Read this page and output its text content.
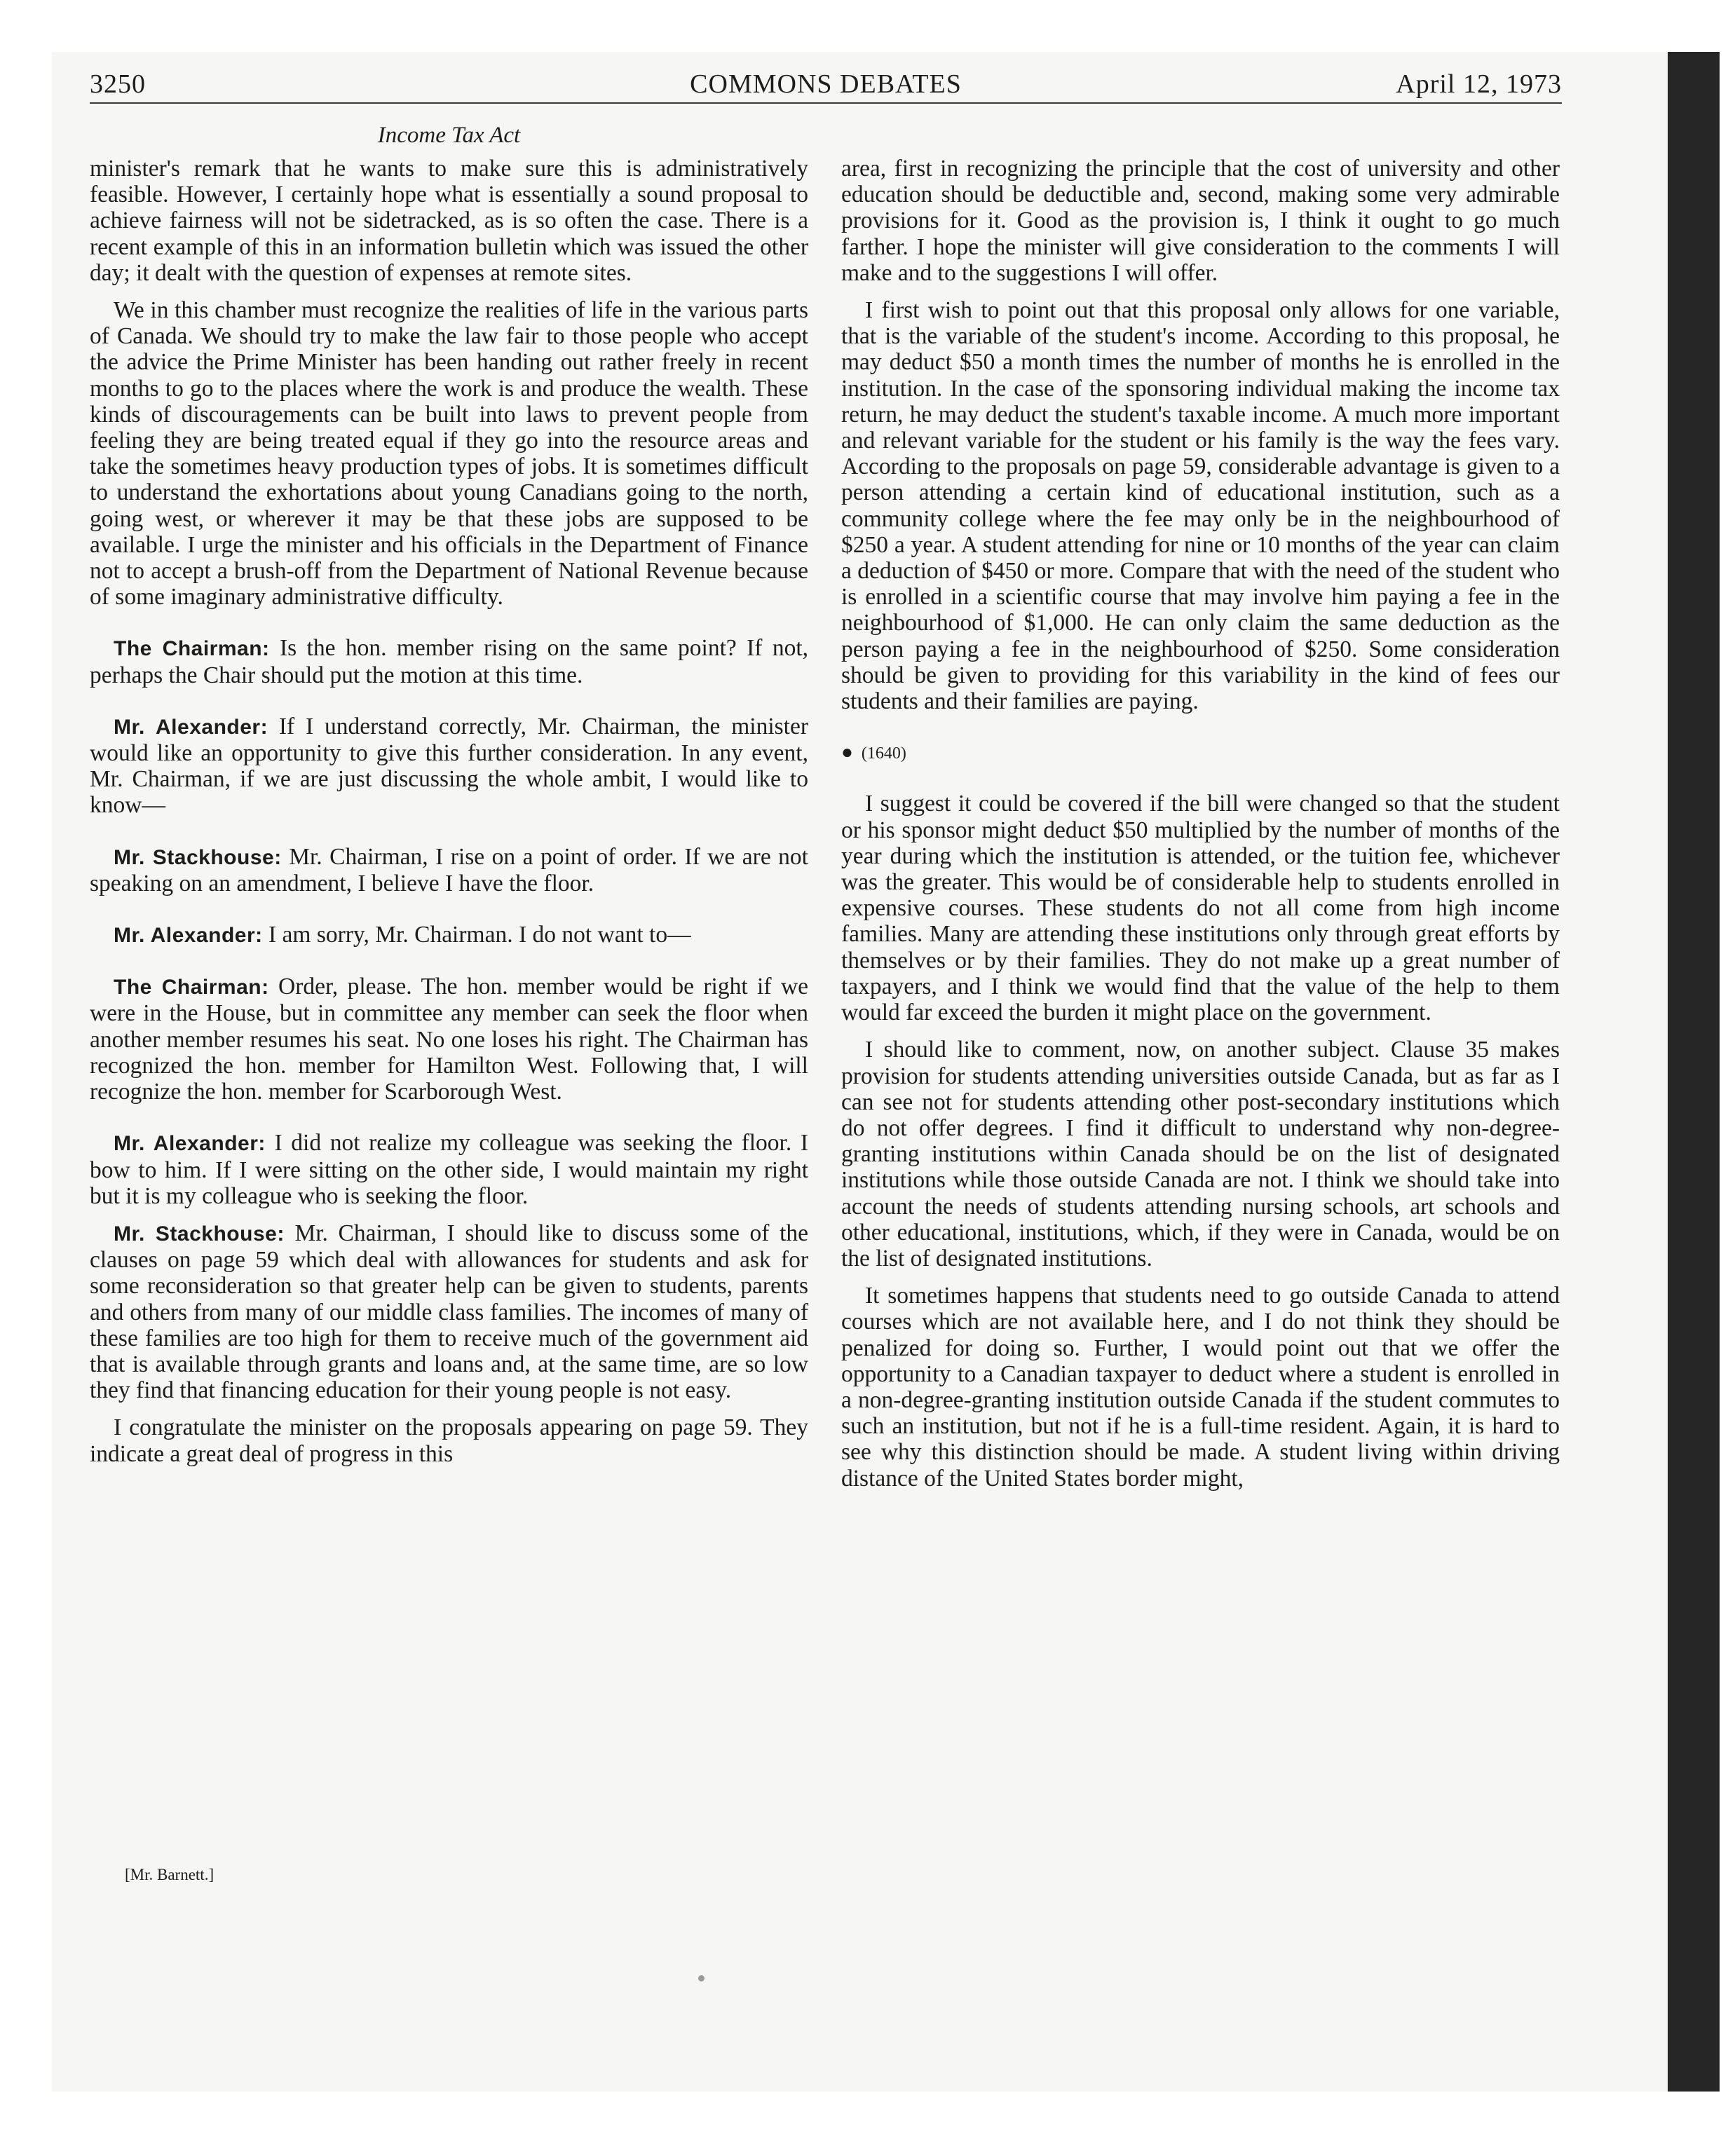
3250	COMMONS DEBATES	April 12, 1973
Income Tax Act

minister's remark that he wants to make sure this is administratively feasible. However, I certainly hope what is essentially a sound proposal to achieve fairness will not be sidetracked, as is so often the case. There is a recent example of this in an information bulletin which was issued the other day; it dealt with the question of expenses at remote sites.

We in this chamber must recognize the realities of life in the various parts of Canada. We should try to make the law fair to those people who accept the advice the Prime Minister has been handing out rather freely in recent months to go to the places where the work is and produce the wealth. These kinds of discouragements can be built into laws to prevent people from feeling they are being treated equal if they go into the resource areas and take the sometimes heavy production types of jobs. It is sometimes difficult to understand the exhortations about young Canadians going to the north, going west, or wherever it may be that these jobs are supposed to be available. I urge the minister and his officials in the Department of Finance not to accept a brush-off from the Department of National Revenue because of some imaginary administrative difficulty.

The Chairman: Is the hon. member rising on the same point? If not, perhaps the Chair should put the motion at this time.

Mr. Alexander: If I understand correctly, Mr. Chairman, the minister would like an opportunity to give this further consideration. In any event, Mr. Chairman, if we are just discussing the whole ambit, I would like to know—

Mr. Stackhouse: Mr. Chairman, I rise on a point of order. If we are not speaking on an amendment, I believe I have the floor.

Mr. Alexander: I am sorry, Mr. Chairman. I do not want to—

The Chairman: Order, please. The hon. member would be right if we were in the House, but in committee any member can seek the floor when another member resumes his seat. No one loses his right. The Chairman has recognized the hon. member for Hamilton West. Following that, I will recognize the hon. member for Scarborough West.

Mr. Alexander: I did not realize my colleague was seeking the floor. I bow to him. If I were sitting on the other side, I would maintain my right but it is my colleague who is seeking the floor.

Mr. Stackhouse: Mr. Chairman, I should like to discuss some of the clauses on page 59 which deal with allowances for students and ask for some reconsideration so that greater help can be given to students, parents and others from many of our middle class families. The incomes of many of these families are too high for them to receive much of the government aid that is available through grants and loans and, at the same time, are so low they find that financing education for their young people is not easy.

I congratulate the minister on the proposals appearing on page 59. They indicate a great deal of progress in this

area, first in recognizing the principle that the cost of university and other education should be deductible and, second, making some very admirable provisions for it. Good as the provision is, I think it ought to go much farther. I hope the minister will give consideration to the comments I will make and to the suggestions I will offer.

I first wish to point out that this proposal only allows for one variable, that is the variable of the student's income. According to this proposal, he may deduct $50 a month times the number of months he is enrolled in the institution. In the case of the sponsoring individual making the income tax return, he may deduct the student's taxable income. A much more important and relevant variable for the student or his family is the way the fees vary. According to the proposals on page 59, considerable advantage is given to a person attending a certain kind of educational institution, such as a community college where the fee may only be in the neighbourhood of $250 a year. A student attending for nine or 10 months of the year can claim a deduction of $450 or more. Compare that with the need of the student who is enrolled in a scientific course that may involve him paying a fee in the neighbourhood of $1,000. He can only claim the same deduction as the person paying a fee in the neighbourhood of $250. Some consideration should be given to providing for this variability in the kind of fees our students and their families are paying.

● (1640)

I suggest it could be covered if the bill were changed so that the student or his sponsor might deduct $50 multiplied by the number of months of the year during which the institution is attended, or the tuition fee, whichever was the greater. This would be of considerable help to students enrolled in expensive courses. These students do not all come from high income families. Many are attending these institutions only through great efforts by themselves or by their families. They do not make up a great number of taxpayers, and I think we would find that the value of the help to them would far exceed the burden it might place on the government.

I should like to comment, now, on another subject. Clause 35 makes provision for students attending universities outside Canada, but as far as I can see not for students attending other post-secondary institutions which do not offer degrees. I find it difficult to understand why non-degree-granting institutions within Canada should be on the list of designated institutions while those outside Canada are not. I think we should take into account the needs of students attending nursing schools, art schools and other educational, institutions, which, if they were in Canada, would be on the list of designated institutions.

It sometimes happens that students need to go outside Canada to attend courses which are not available here, and I do not think they should be penalized for doing so. Further, I would point out that we offer the opportunity to a Canadian taxpayer to deduct where a student is enrolled in a non-degree-granting institution outside Canada if the student commutes to such an institution, but not if he is a full-time resident. Again, it is hard to see why this distinction should be made. A student living within driving distance of the United States border might,

[Mr. Barnett.]
